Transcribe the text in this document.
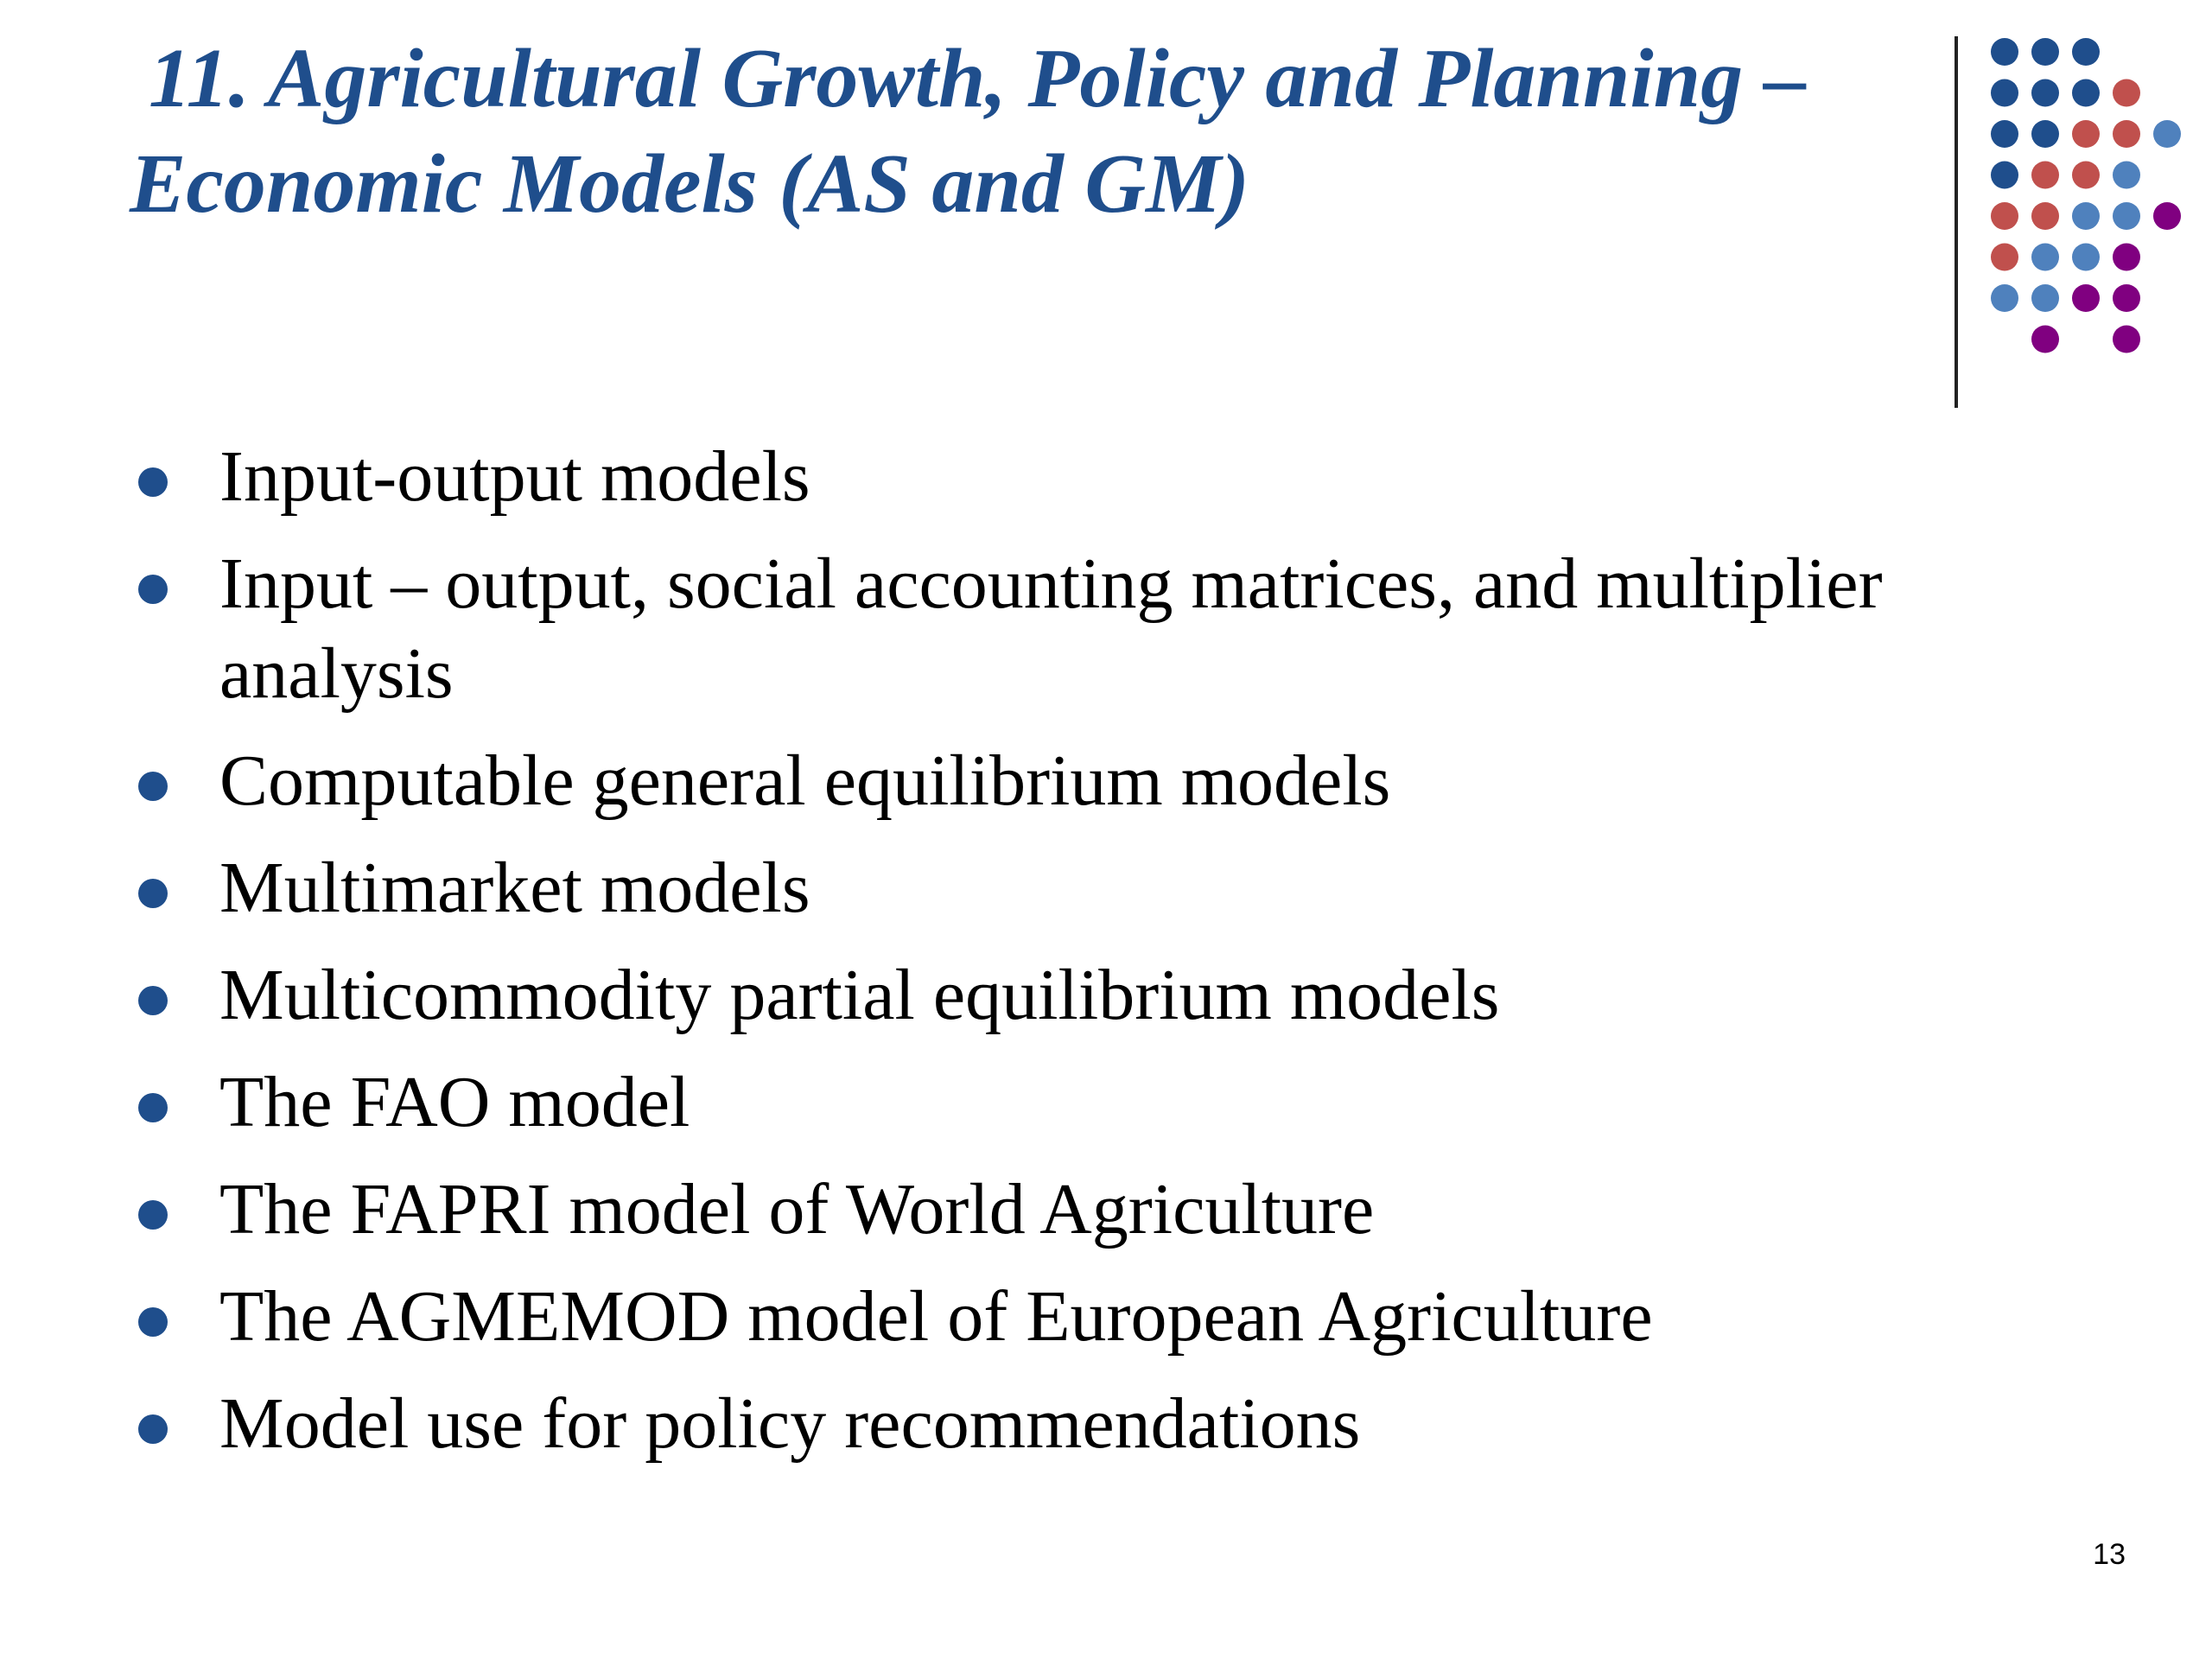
11. Agricultural Growth, Policy and Planning –
Economic Models (AS and GM)
Input-output models
Input – output, social accounting matrices, and multiplier analysis
Computable general equilibrium models
Multimarket models
Multicommodity partial equilibrium models
The FAO model
The FAPRI model of World Agriculture
The AGMEMOD model of European Agriculture
Model use for policy recommendations
13
